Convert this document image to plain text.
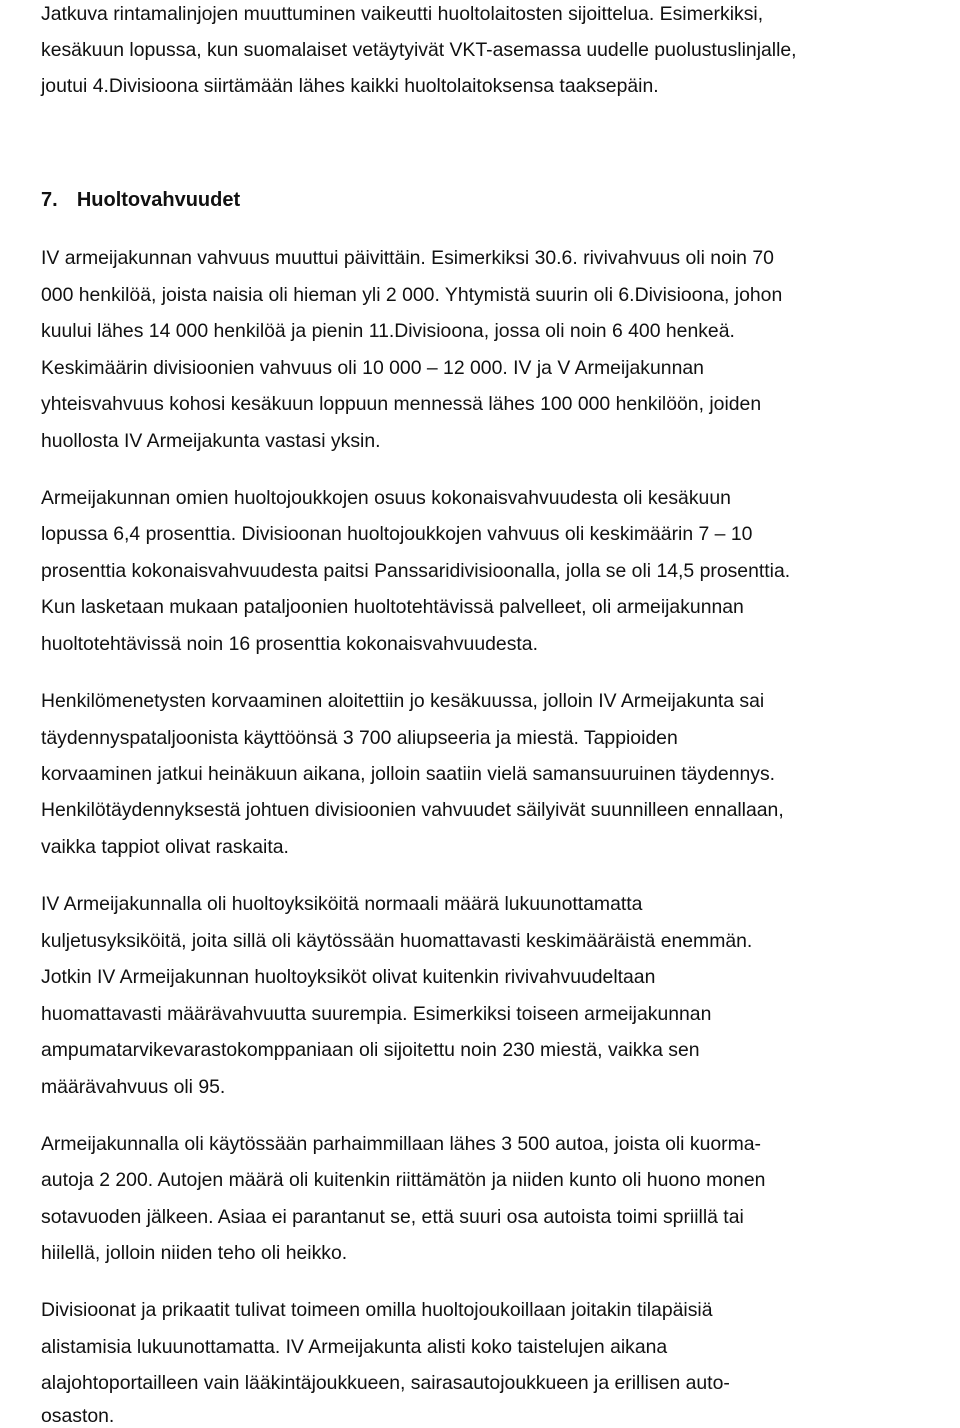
Jatkuva rintamalinjojen muuttuminen vaikeutti huoltolaitosten sijoittelua. Esimerkiksi,
kesäkuun lopussa, kun suomalaiset vetäytyivät VKT-asemassa uudelle puolustuslinjalle,
joutui 4.Divisioona siirtämään lähes kaikki huoltolaitoksensa taaksepäin.
7. Huoltovahvuudet
IV armeijakunnan vahvuus muuttui päivittäin. Esimerkiksi 30.6. rivivahvuus oli noin 70
000 henkilöä, joista naisia oli hieman yli 2 000. Yhtymistä suurin oli 6.Divisioona, johon
kuului lähes 14 000 henkilöä ja pienin 11.Divisioona, jossa oli noin 6 400 henkeä.
Keskimäärin divisioonien vahvuus oli 10 000 – 12 000. IV ja V Armeijakunnan
yhteisvahvuus kohosi kesäkuun loppuun mennessä lähes 100 000 henkilöön, joiden
huollosta IV Armeijakunta vastasi yksin.
Armeijakunnan omien huoltojoukkojen osuus kokonaisvahvuudesta oli kesäkuun
lopussa 6,4 prosenttia. Divisioonan huoltojoukkojen vahvuus oli keskimäärin 7 – 10
prosenttia kokonaisvahvuudesta paitsi Panssaridivisioonalla, jolla se oli 14,5 prosenttia.
Kun lasketaan mukaan pataljoonien huoltotehtävissä palvelleet, oli armeijakunnan
huoltotehtävissä noin 16 prosenttia kokonaisvahvuudesta.
Henkilömenetysten korvaaminen aloitettiin jo kesäkuussa, jolloin IV Armeijakunta sai
täydennyspataljoonista käyttöönsä 3 700 aliupseeria ja miestä. Tappioiden
korvaaminen jatkui heinäkuun aikana, jolloin saatiin vielä samansuuruinen täydennys.
Henkilötäydennyksestä johtuen divisioonien vahvuudet säilyivät suunnilleen ennallaan,
vaikka tappiot olivat raskaita.
IV Armeijakunnalla oli huoltoyksiköitä normaali määrä lukuunottamatta
kuljetusyksiköitä, joita sillä oli käytössään huomattavasti keskimääräistä enemmän.
Jotkin IV Armeijakunnan huoltoyksiköt olivat kuitenkin rivivahvuudeltaan
huomattavasti määrävahvuutta suurempia. Esimerkiksi toiseen armeijakunnan
ampumatarvikevarastokomppaniaan oli sijoitettu noin 230 miestä, vaikka sen
määrävahvuus oli 95.
Armeijakunnalla oli käytössään parhaimmillaan lähes 3 500 autoa, joista oli kuorma-
autoja 2 200. Autojen määrä oli kuitenkin riittämätön ja niiden kunto oli huono monen
sotavuoden jälkeen. Asiaa ei parantanut se, että suuri osa autoista toimi spriillä tai
hiilellä, jolloin niiden teho oli heikko.
Divisioonat ja prikaatit tulivat toimeen omilla huoltojoukoillaan joitakin tilapäisiä
alistamisia lukuunottamatta. IV Armeijakunta alisti koko taistelujen aikana
alajohtoportailleen vain lääkintäjoukkueen, sairasautojoukkueen ja erillisen auto-
osaston.
